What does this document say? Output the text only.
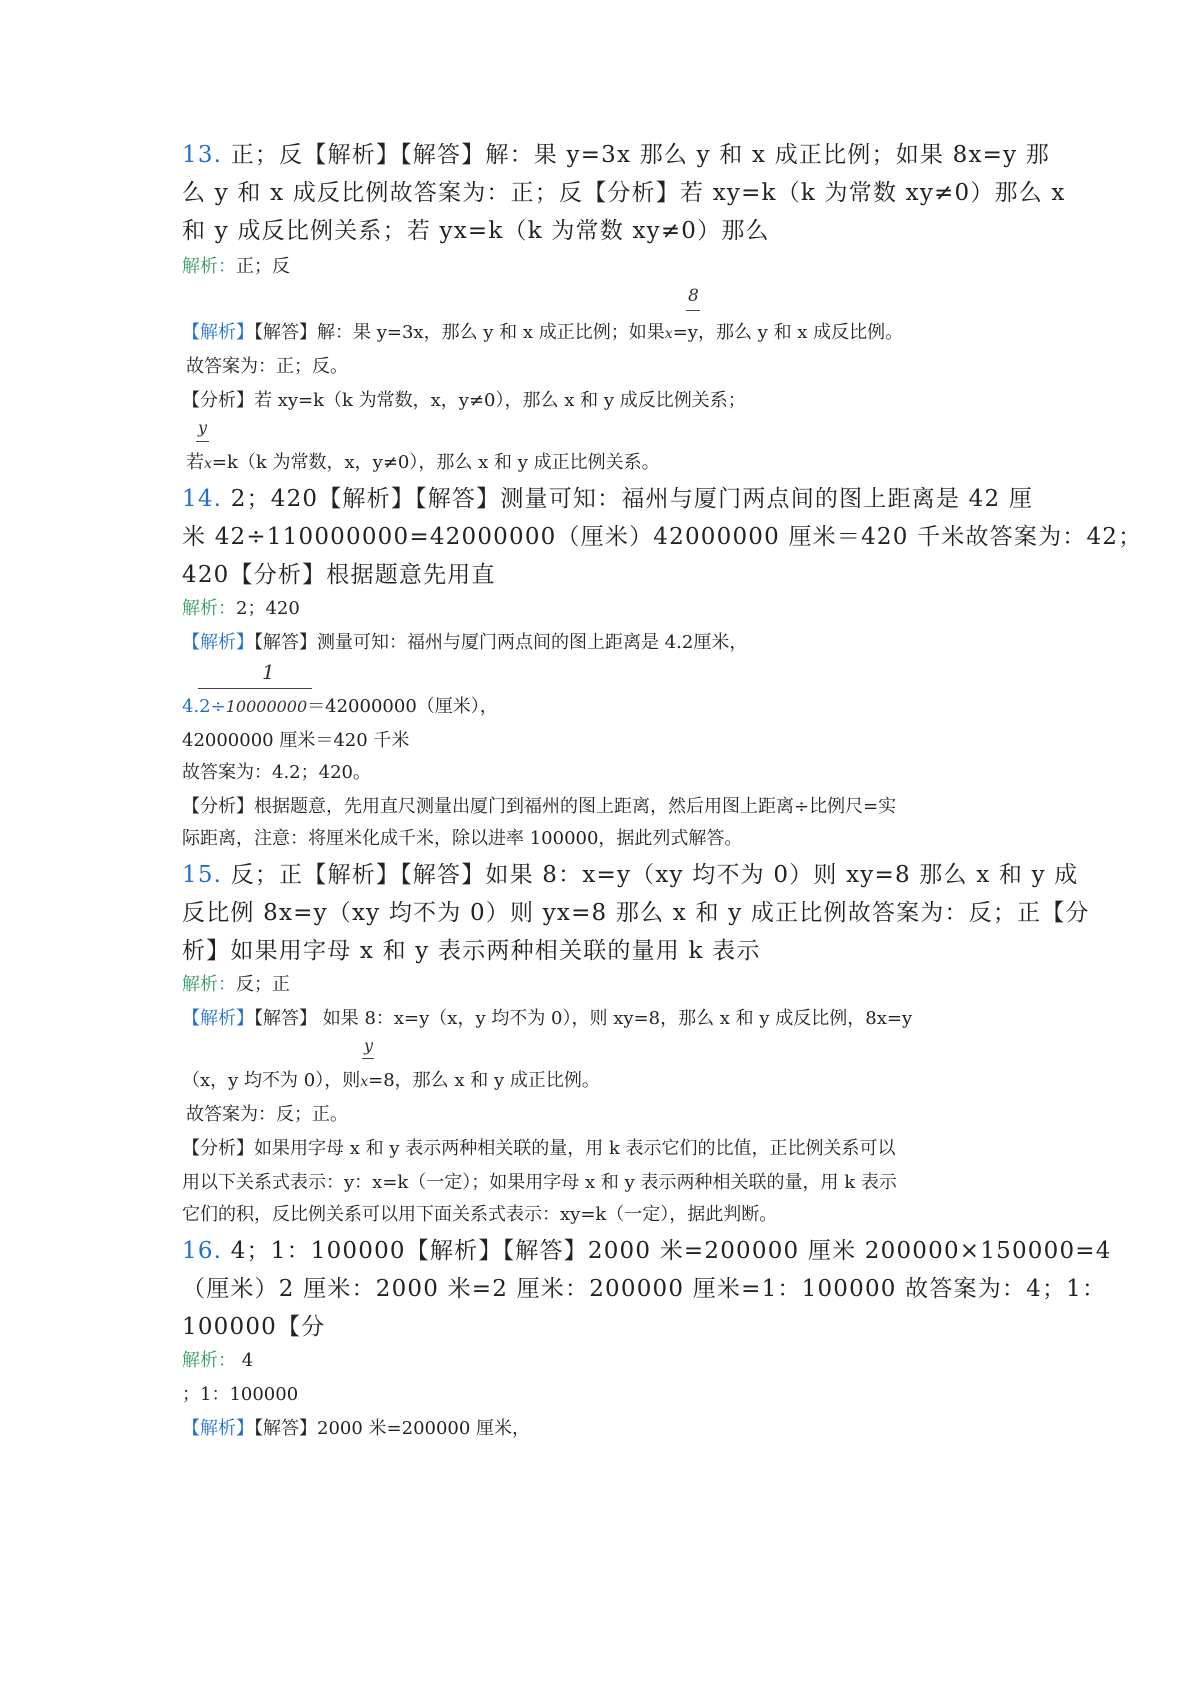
13. 正；反【解析】【解答】解：果 y=3x 那么 y 和 x 成正比例；如果 8x=y 那
么 y 和 x 成反比例故答案为：正；反【分析】若 xy=k（k 为常数 xy≠0）那么 x
和 y 成反比例关系；若 yx=k（k 为常数 xy≠0）那么
解析：正；反
8
【解析】【解答】解：果 y=3x，那么 y 和 x 成正比例；如果x=y，那么 y 和 x 成反比例。
故答案为：正；反。
【分析】若 xy=k（k 为常数，x，y≠0），那么 x 和 y 成反比例关系；
y
若x=k（k 为常数，x，y≠0），那么 x 和 y 成正比例关系。
14. 2；420【解析】【解答】测量可知：福州与厦门两点间的图上距离是 42 厘
米 42÷110000000=42000000（厘米）42000000 厘米＝420 千米故答案为：42；
420【分析】根据题意先用直
解析：2；420
【解析】【解答】测量可知：福州与厦门两点间的图上距离是 4.2厘米，
1
4.2÷10000000＝42000000（厘米），
42000000 厘米＝420 千米
故答案为：4.2；420。
【分析】根据题意，先用直尺测量出厦门到福州的图上距离，然后用图上距离÷比例尺=实
际距离，注意：将厘米化成千米，除以进率 100000，据此列式解答。
15. 反；正【解析】【解答】如果 8：x=y（xy 均不为 0）则 xy=8 那么 x 和 y 成
反比例 8x=y（xy 均不为 0）则 yx=8 那么 x 和 y 成正比例故答案为：反；正【分
析】如果用字母 x 和 y 表示两种相关联的量用 k 表示
解析：反；正
【解析】【解答】 如果 8：x=y（x，y 均不为 0），则 xy=8，那么 x 和 y 成反比例，8x=y
y
（x，y 均不为 0），则x=8，那么 x 和 y 成正比例。
故答案为：反；正。
【分析】如果用字母 x 和 y 表示两种相关联的量，用 k 表示它们的比值，正比例关系可以
用以下关系式表示：y：x=k（一定）；如果用字母 x 和 y 表示两种相关联的量，用 k 表示
它们的积，反比例关系可以用下面关系式表示：xy=k（一定），据此判断。
16. 4；1：100000【解析】【解答】2000 米=200000 厘米 200000×150000=4
（厘米）2 厘米：2000 米=2 厘米：200000 厘米=1：100000 故答案为：4；1：
100000【分
解析： 4
；1：100000
【解析】【解答】2000 米=200000 厘米，
